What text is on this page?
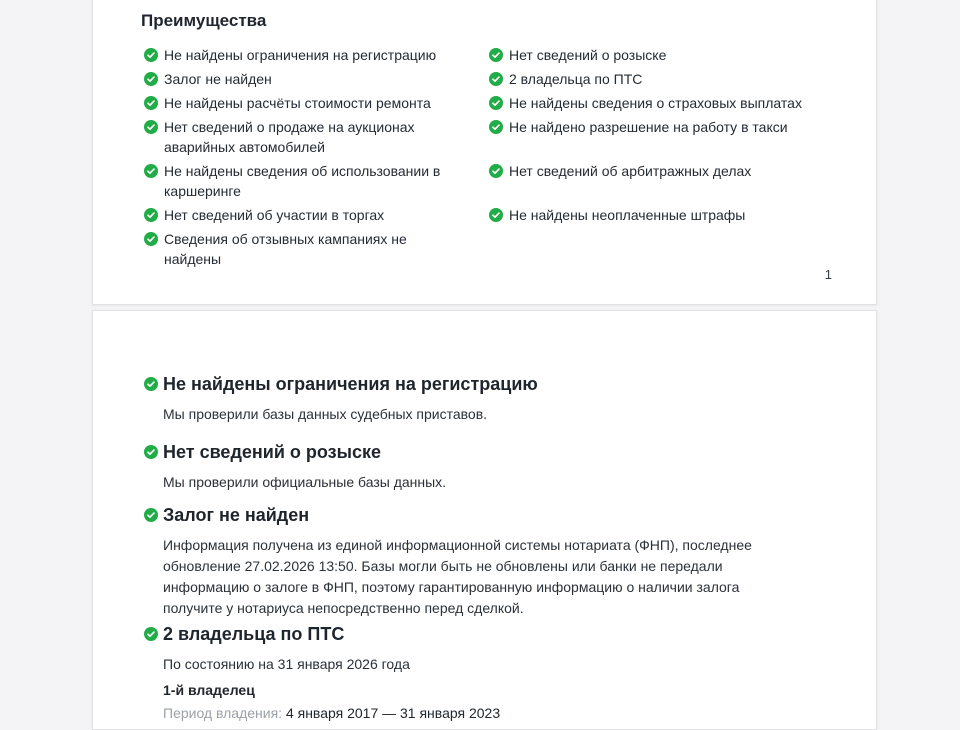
Преимущества
Не найдены ограничения на регистрацию	Нет сведений о розыске
Залог не найден	2 владельца по ПТС
Не найдены расчёты стоимости ремонта	Не найдены сведения о страховых выплатах
Нет сведений о продаже на аукционах аварийных автомобилей
Не найдено разрешение на работу в такси
Не найдены сведения об использовании в каршеринге
Нет сведений об арбитражных делах
Нет сведений об участии в торгах	Не найдены неоплаченные штрафы
Сведения об отзывных кампаниях не найдены
1
Не найдены ограничения на регистрацию
Мы проверили базы данных судебных приставов.
Нет сведений о розыске
Мы проверили официальные базы данных.
Залог не найден
Информация получена из единой информационной системы нотариата (ФНП), последнее обновление 27.02.2026 13:50. Базы могли быть не обновлены или банки не передали информацию о залоге в ФНП, поэтому гарантированную информацию о наличии залога получите у нотариуса непосредственно перед сделкой.
2 владельца по ПТС
По состоянию на 31 января 2026 года
1-й владелец
Период владения: 4 января 2017 — 31 января 2023
